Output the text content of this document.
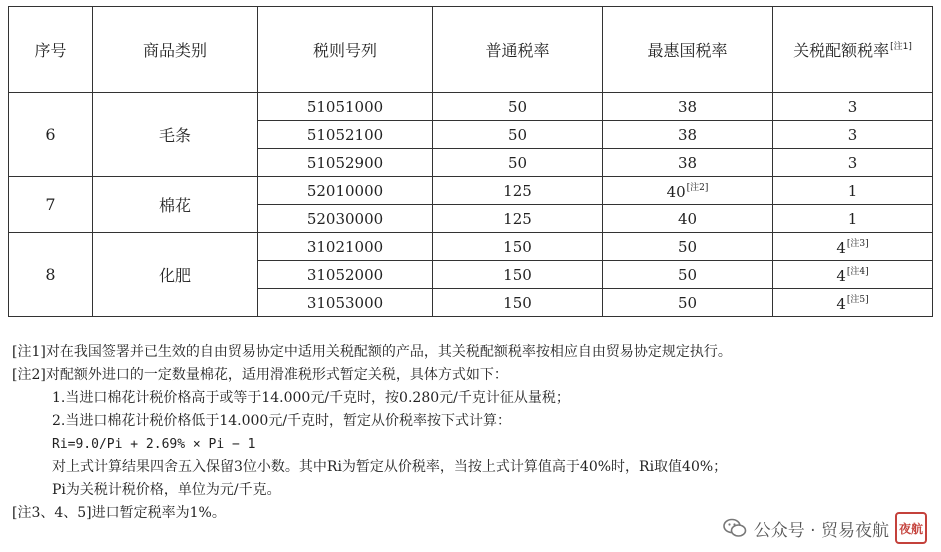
序号	商品类别	税则号列	普通税率	最惠国税率	关税配额税率[注1]
6	毛条	51051000	50	38	3
		51052100	50	38	3
		51052900	50	38	3
7	棉花	52010000	125	40[注2]	1
		52030000	125	40	1
8	化肥	31021000	150	50	4[注3]
		31052000	150	50	4[注4]
		31053000	150	50	4[注5]
[注1]对在我国签署并已生效的自由贸易协定中适用关税配额的产品，其关税配额税率按相应自由贸易协定规定执行。
[注2]对配额外进口的一定数量棉花，适用滑准税形式暂定关税，具体方式如下：
1.当进口棉花计税价格高于或等于14.000元/千克时，按0.280元/千克计征从量税；
2.当进口棉花计税价格低于14.000元/千克时，暂定从价税率按下式计算：
Ri=9.0/Pi + 2.69% × Pi − 1
对上式计算结果四舍五入保留3位小数。其中Ri为暂定从价税率，当按上式计算值高于40%时，Ri取值40%；
Pi为关税计税价格，单位为元/千克。
[注3、4、5]进口暂定税率为1%。
公众号 · 贸易夜航 夜航
